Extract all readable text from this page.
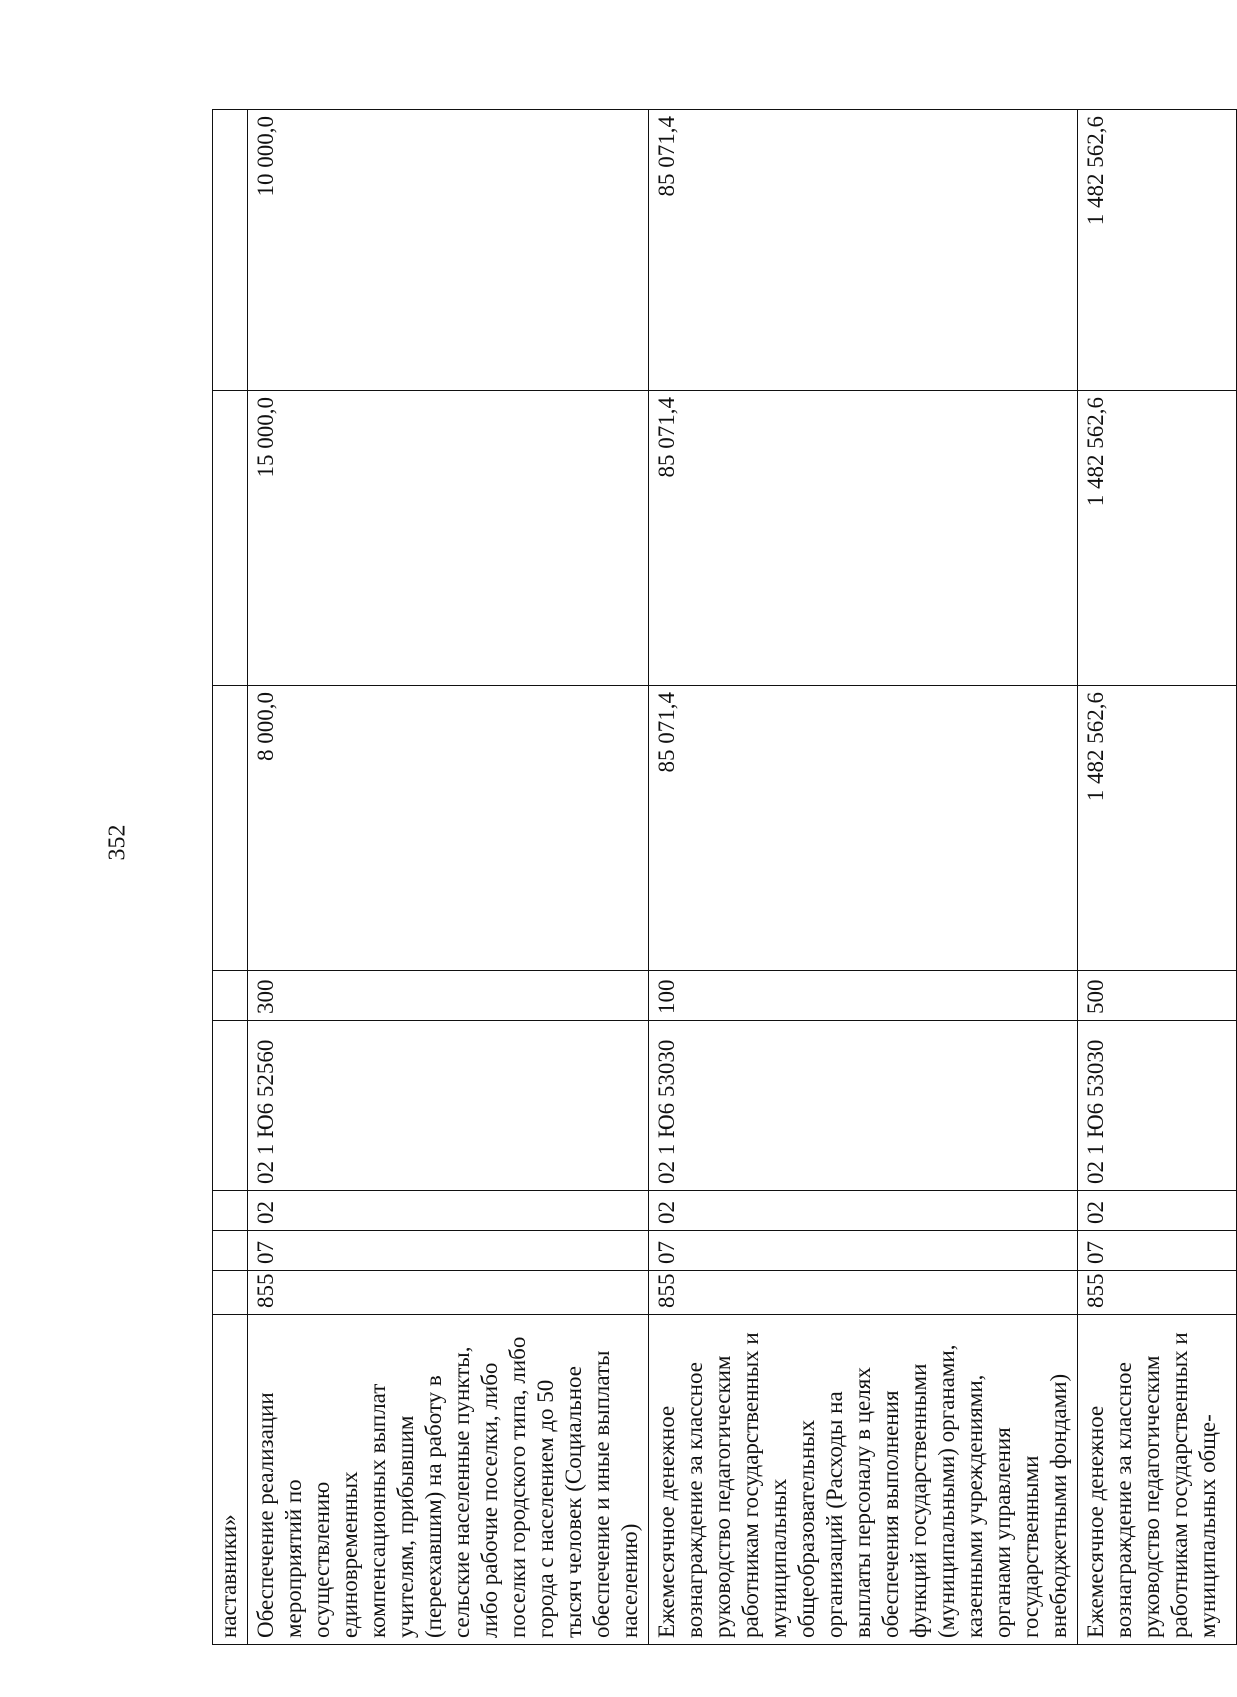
352
наставники»								
Обеспечение реализации мероприятий по осуществлению единовременных компенсационных выплат учителям, прибывшим (переехавшим) на работу в сельские населенные пункты, либо рабочие поселки, либо поселки городского типа, либо города с населением до 50 тысяч человек (Социальное обеспечение и иные выплаты населению)	855	07	02	02 1 Ю6 52560	300	8 000,0	15 000,0	10 000,0
Ежемесячное денежное вознаграждение за классное руководство педагогическим работникам государственных и муниципальных общеобразовательных организаций (Расходы на выплаты персоналу в целях обеспечения выполнения функций государственными (муниципальными) органами, казенными учреждениями, органами управления государственными внебюджетными фондами)	855	07	02	02 1 Ю6 53030	100	85 071,4	85 071,4	85 071,4
Ежемесячное денежное вознаграждение за классное руководство педагогическим работникам государственных и муниципальных обще-	855	07	02	02 1 Ю6 53030	500	1 482 562,6	1 482 562,6	1 482 562,6
